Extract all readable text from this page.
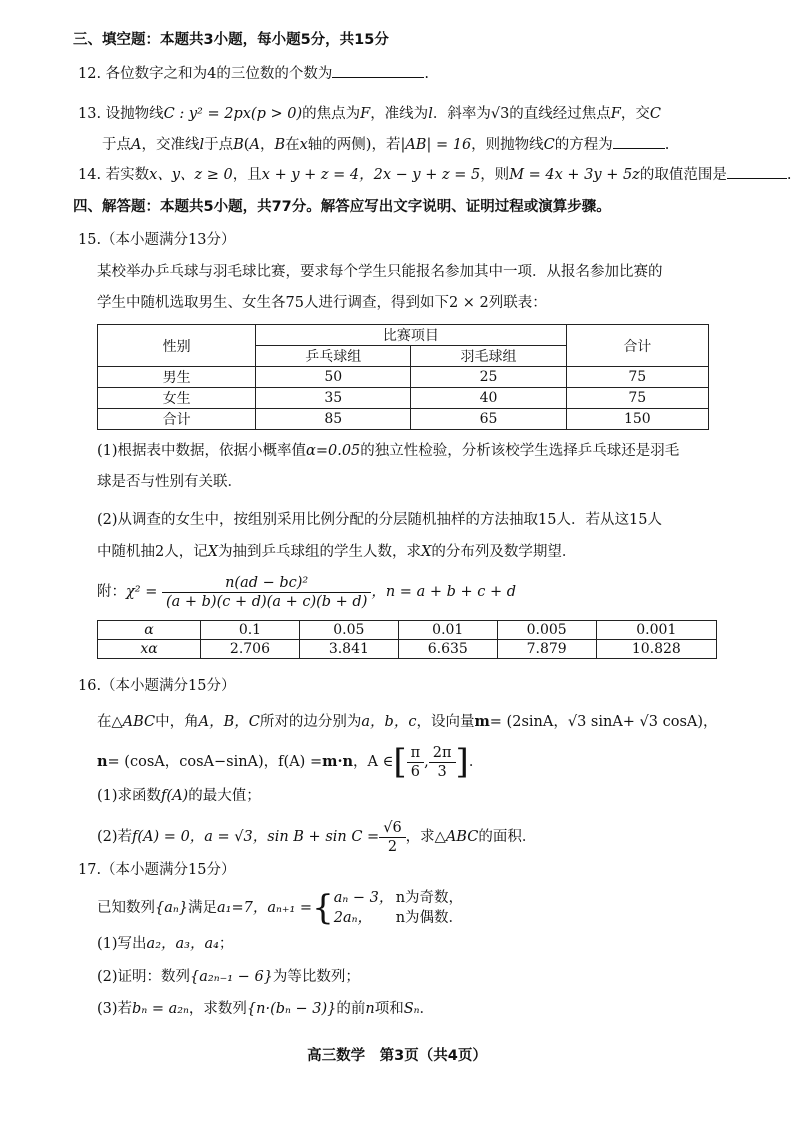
三、填空题：本题共3小题，每小题5分，共15分
12. 各位数字之和为4的三位数的个数为	.
13. 设抛物线C : y² = 2px(p > 0)的焦点为F，准线为l．斜率为√3的直线经过焦点F，交C
于点A，交准线l于点B(A，B在x轴的两侧)，若|AB| = 16，则抛物线C的方程为	.
14. 若实数x、y、z ≥ 0，且x + y + z = 4，2x − y + z = 5，则M = 4x + 3y + 5z的取值范围是	.
四、解答题：本题共5小题，共77分。解答应写出文字说明、证明过程或演算步骤。
15.（本小题满分13分）
某校举办乒乓球与羽毛球比赛，要求每个学生只能报名参加其中一项．从报名参加比赛的
学生中随机选取男生、女生各75人进行调查，得到如下2 × 2列联表：
性别	比赛项目		合计
	乒乓球组	羽毛球组	
男生	50	25	75
女生	35	40	75
合计	85	65	150
(1)根据表中数据，依据小概率值α=0.05的独立性检验，分析该校学生选择乒乓球还是羽毛
球是否与性别有关联．
(2)从调查的女生中，按组别采用比例分配的分层随机抽样的方法抽取15人．若从这15人
中随机抽2人，记X为抽到乒乓球组的学生人数，求X的分布列及数学期望．
附：$\chi^2 = \frac{\text{n(ad − bc)²}}{(a + b)(c + d)(a + c)(b + d)}$ ，n = a + b + c + d
α	0.1	0.05	0.01	0.005	0.001
xα	2.706	3.841	6.635	7.879	10.828
16.（本小题满分15分）
在△ABC中，角A，B，C所对的边分别为a，b，c，设向量m= (2sinA，√3 sinA+ √3 cosA)，
n= (cosA，cosA−sinA)，f(A) =m·n，A ∈[ $\frac{\pi}{6}$ , $\frac{2\pi}{3}$ ]．
(1)求函数f(A)的最大值；
(2)若f(A) = 0，a = √3，$\sin B + \sin C = \frac{√6}{2}$ ，求△ABC的面积．
17.（本小题满分15分）
已知数列{aₙ}满足a₁=7，aₙ₊₁ ={ aₙ − 3， n为奇数，
2aₙ， n为偶数．
(1)写出a₂，a₃，a₄；
(2)证明：数列{a₂ₙ₋₁ − 6}为等比数列；
(3)若bₙ = a₂ₙ，求数列{n·(bₙ − 3)}的前n项和Sₙ．
高三数学　第3页（共4页）
